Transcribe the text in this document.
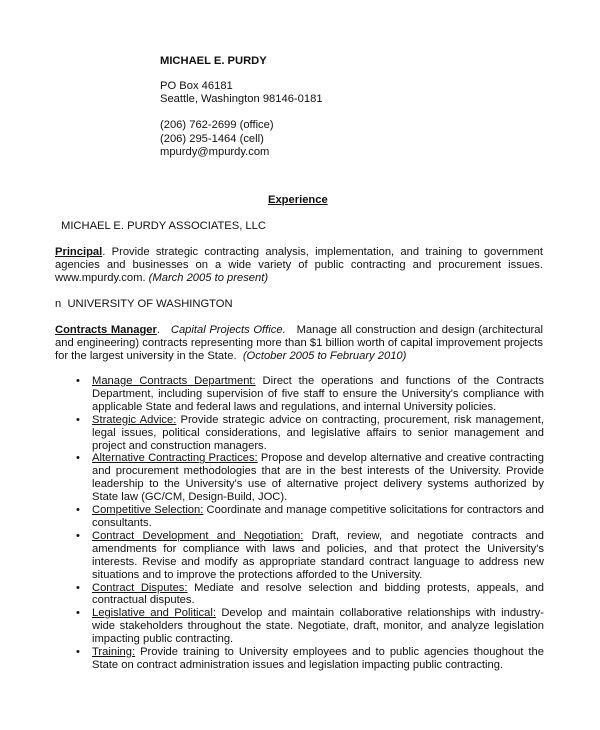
MICHAEL E. PURDY
PO Box 46181
Seattle, Washington 98146-0181
(206) 762-2699 (office)
(206) 295-1464 (cell)
mpurdy@mpurdy.com
Experience
MICHAEL E. PURDY ASSOCIATES, LLC
Principal. Provide strategic contracting analysis, implementation, and training to government agencies and businesses on a wide variety of public contracting and procurement issues. www.mpurdy.com. (March 2005 to present)
n UNIVERSITY OF WASHINGTON
Contracts Manager.   Capital Projects Office. Manage all construction and design (architectural and engineering) contracts representing more than $1 billion worth of capital improvement projects for the largest university in the State. (October 2005 to February 2010)
• Manage Contracts Department: Direct the operations and functions of the Contracts Department, including supervision of five staff to ensure the University's compliance with applicable State and federal laws and regulations, and internal University policies.
• Strategic Advice: Provide strategic advice on contracting, procurement, risk management, legal issues, political considerations, and legislative affairs to senior management and project and construction managers.
• Alternative Contracting Practices: Propose and develop alternative and creative contracting and procurement methodologies that are in the best interests of the University. Provide leadership to the University's use of alternative project delivery systems authorized by State law (GC/CM, Design-Build, JOC).
• Competitive Selection: Coordinate and manage competitive solicitations for contractors and consultants.
• Contract Development and Negotiation: Draft, review, and negotiate contracts and amendments for compliance with laws and policies, and that protect the University's interests. Revise and modify as appropriate standard contract language to address new situations and to improve the protections afforded to the University.
• Contract Disputes: Mediate and resolve selection and bidding protests, appeals, and contractual disputes.
• Legislative and Political: Develop and maintain collaborative relationships with industry-wide stakeholders throughout the state. Negotiate, draft, monitor, and analyze legislation impacting public contracting.
• Training: Provide training to University employees and to public agencies thoughout the State on contract administration issues and legislation impacting public contracting.
